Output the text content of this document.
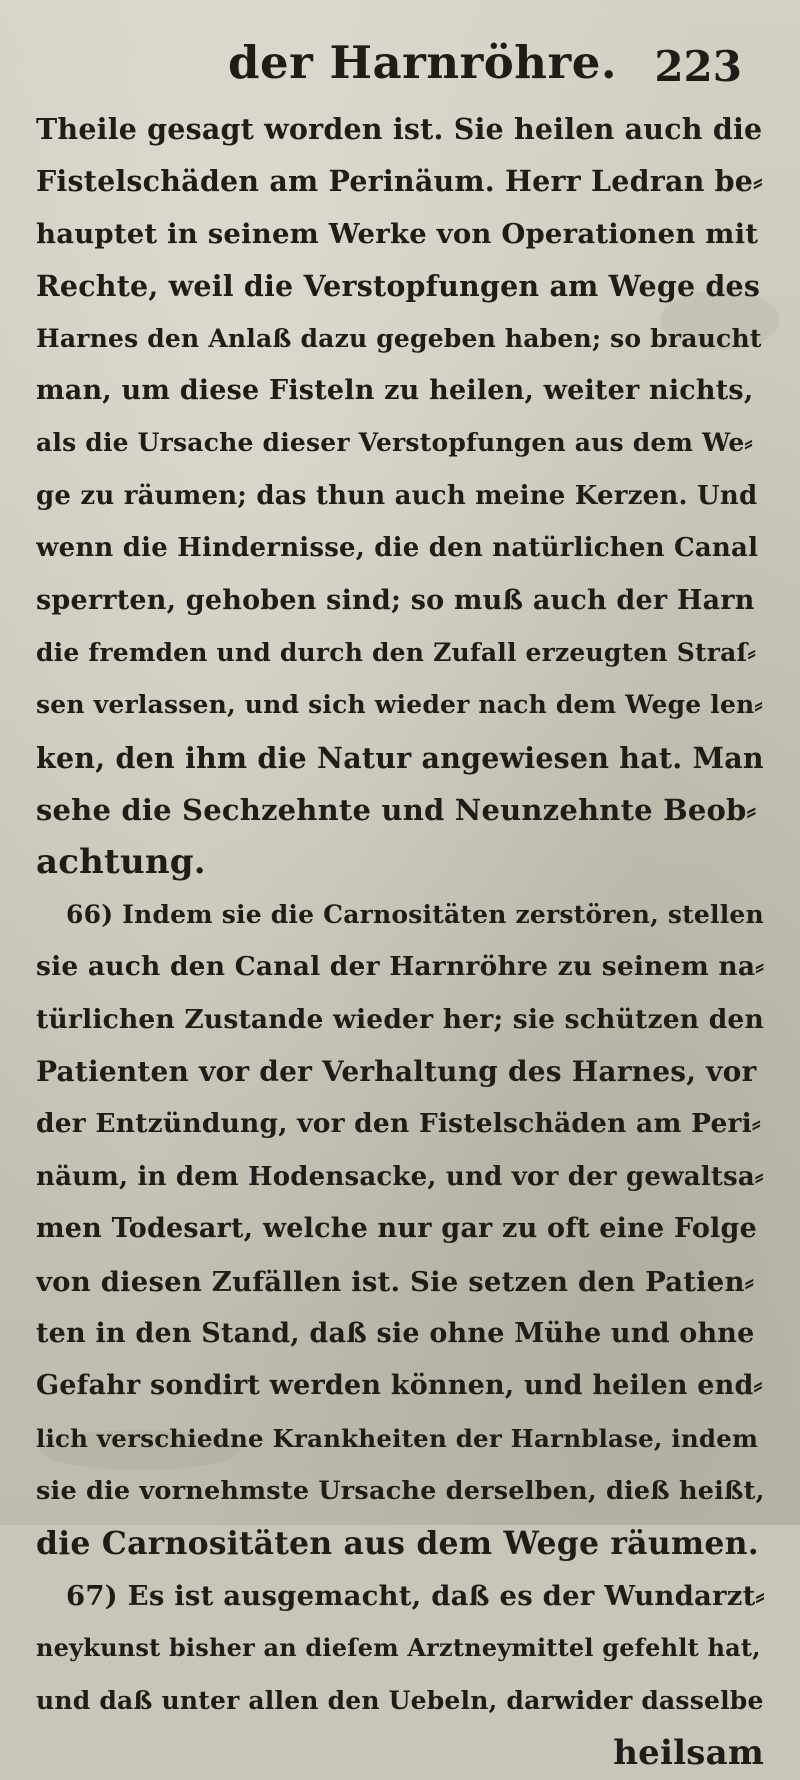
der Harnröhre. 223
Theile gesagt worden ist. Sie heilen auch die
Fistelschäden am Perinäum. Herr Ledran be⸗
hauptet in seinem Werke von Operationen mit
Rechte, weil die Verstopfungen am Wege des
Harnes den Anlaß dazu gegeben haben; so braucht
man, um diese Fisteln zu heilen, weiter nichts,
als die Ursache dieser Verstopfungen aus dem We⸗
ge zu räumen; das thun auch meine Kerzen. Und
wenn die Hindernisse, die den natürlichen Canal
sperrten, gehoben sind; so muß auch der Harn
die fremden und durch den Zufall erzeugten Straſ⸗
sen verlassen, und sich wieder nach dem Wege len⸗
ken, den ihm die Natur angewiesen hat. Man
sehe die Sechzehnte und Neunzehnte Beob⸗
achtung.
66) Indem sie die Carnositäten zerstören, stellen
sie auch den Canal der Harnröhre zu seinem na⸗
türlichen Zustande wieder her; sie schützen den
Patienten vor der Verhaltung des Harnes, vor
der Entzündung, vor den Fistelschäden am Peri⸗
näum, in dem Hodensacke, und vor der gewaltsa⸗
men Todesart, welche nur gar zu oft eine Folge
von diesen Zufällen ist. Sie setzen den Patien⸗
ten in den Stand, daß sie ohne Mühe und ohne
Gefahr sondirt werden können, und heilen end⸗
lich verschiedne Krankheiten der Harnblase, indem
sie die vornehmste Ursache derselben, dieß heißt,
die Carnositäten aus dem Wege räumen.
67) Es ist ausgemacht, daß es der Wundarzt⸗
neykunst bisher an dieſem Arztneymittel gefehlt hat,
und daß unter allen den Uebeln, darwider dasselbe
heilsam
